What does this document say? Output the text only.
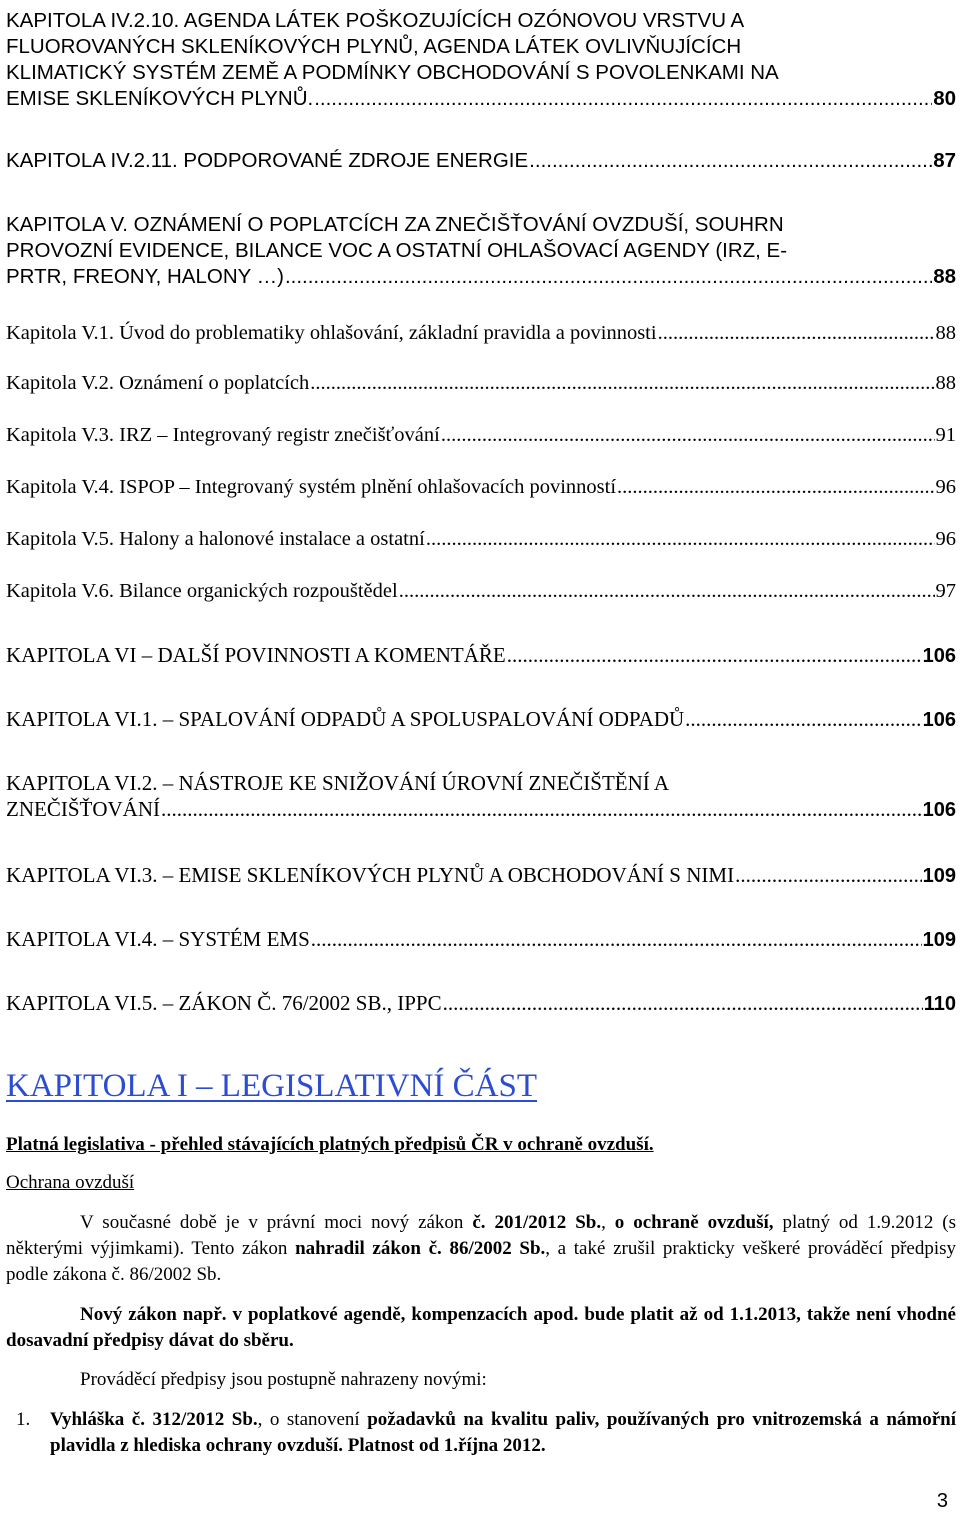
KAPITOLA IV.2.10. AGENDA LÁTEK POŠKOZUJÍCÍCH OZÓNOVOU VRSTVU A
FLUOROVANÝCH SKLENÍKOVÝCH PLYNŮ, AGENDA LÁTEK OVLIVŇUJÍCÍCH
KLIMATICKÝ SYSTÉM ZEMĚ A PODMÍNKY OBCHODOVÁNÍ S POVOLENKAMI NA
EMISE SKLENÍKOVÝCH PLYNŮ. .....	80
KAPITOLA IV.2.11. PODPOROVANÉ ZDROJE ENERGIE .....	87
KAPITOLA V. OZNÁMENÍ O POPLATCÍCH ZA ZNEČIŠŤOVÁNÍ OVZDUŠÍ, SOUHRN
PROVOZNÍ EVIDENCE, BILANCE VOC A OSTATNÍ OHLAŠOVACÍ AGENDY (IRZ, E-
PRTR, FREONY, HALONY …) .....	88
Kapitola V.1. Úvod do problematiky ohlašování, základní pravidla a povinnosti .....	88
Kapitola V.2. Oznámení o poplatcích .....	88
Kapitola V.3. IRZ – Integrovaný registr znečišťování .....	91
Kapitola V.4. ISPOP – Integrovaný systém plnění ohlašovacích povinností .....	96
Kapitola V.5. Halony a halonové instalace a ostatní .....	96
Kapitola V.6. Bilance organických rozpouštědel .....	97
KAPITOLA VI – DALŠÍ POVINNOSTI A KOMENTÁŘE .....	106
KAPITOLA VI.1. – SPALOVÁNÍ ODPADŮ A SPOLUSPALOVÁNÍ ODPADŮ .....	106
KAPITOLA VI.2. – NÁSTROJE KE SNIŽOVÁNÍ ÚROVNÍ ZNEČIŠTĚNÍ A
ZNEČIŠŤOVÁNÍ .....	106
KAPITOLA VI.3. – EMISE SKLENÍKOVÝCH PLYNŮ A OBCHODOVÁNÍ S NIMI .....	109
KAPITOLA VI.4. – SYSTÉM EMS .....	109
KAPITOLA VI.5. – ZÁKON Č. 76/2002 SB., IPPC .....	110
KAPITOLA I – LEGISLATIVNÍ ČÁST
Platná legislativa - přehled stávajících platných předpisů ČR v ochraně ovzduší.
Ochrana ovzduší
V současné době je v právní moci nový zákon č. 201/2012 Sb., o ochraně ovzduší, platný od 1.9.2012 (s některými výjimkami). Tento zákon nahradil zákon č. 86/2002 Sb., a také zrušil prakticky veškeré prováděcí předpisy podle zákona č. 86/2002 Sb.
Nový zákon např. v poplatkové agendě, kompenzacích apod. bude platit až od 1.1.2013, takže není vhodné dosavadní předpisy dávat do sběru.
Prováděcí předpisy jsou postupně nahrazeny novými:
1. Vyhláška č. 312/2012 Sb., o stanovení požadavků na kvalitu paliv, používaných pro vnitrozemská a námořní plavidla z hlediska ochrany ovzduší. Platnost od 1.října 2012.
3
